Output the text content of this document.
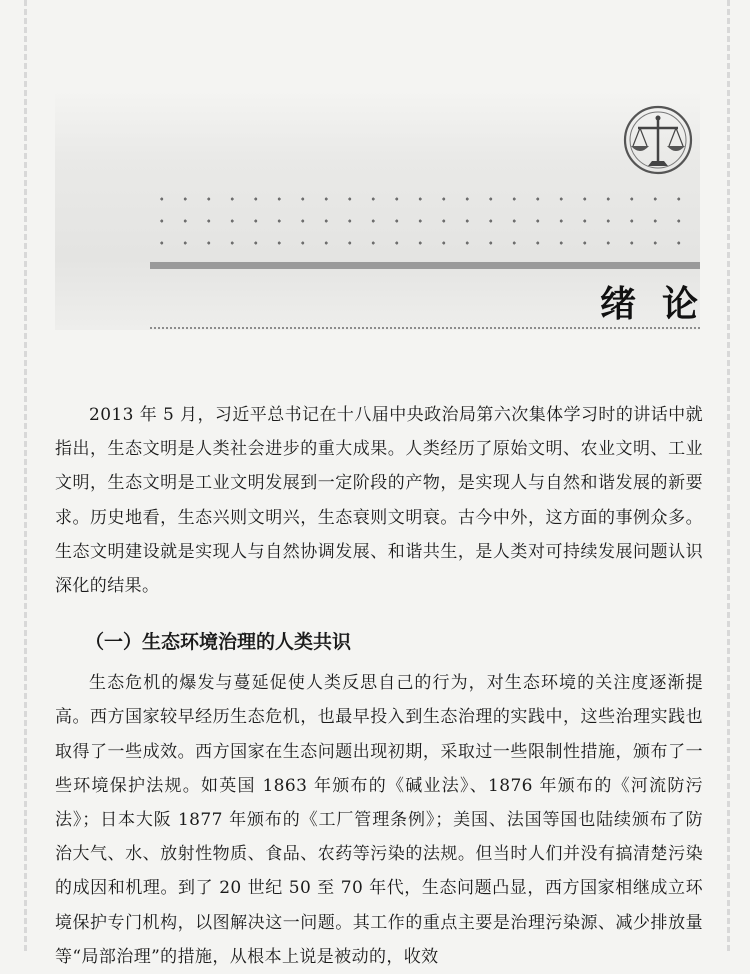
绪论

2013 年 5 月，习近平总书记在十八届中央政治局第六次集体学习时的讲话中就指出，生态文明是人类社会进步的重大成果。人类经历了原始文明、农业文明、工业文明，生态文明是工业文明发展到一定阶段的产物，是实现人与自然和谐发展的新要求。历史地看，生态兴则文明兴，生态衰则文明衰。古今中外，这方面的事例众多。生态文明建设就是实现人与自然协调发展、和谐共生，是人类对可持续发展问题认识深化的结果。

（一）生态环境治理的人类共识

生态危机的爆发与蔓延促使人类反思自己的行为，对生态环境的关注度逐渐提高。西方国家较早经历生态危机，也最早投入到生态治理的实践中，这些治理实践也取得了一些成效。西方国家在生态问题出现初期，采取过一些限制性措施，颁布了一些环境保护法规。如英国 1863 年颁布的《碱业法》、1876 年颁布的《河流防污法》；日本大阪 1877 年颁布的《工厂管理条例》；美国、法国等国也陆续颁布了防治大气、水、放射性物质、食品、农药等污染的法规。但当时人们并没有搞清楚污染的成因和机理。到了 20 世纪 50 至 70 年代，生态问题凸显，西方国家相继成立环境保护专门机构，以图解决这一问题。其工作的重点主要是治理污染源、减少排放量等“局部治理”的措施，从根本上说是被动的，收效
